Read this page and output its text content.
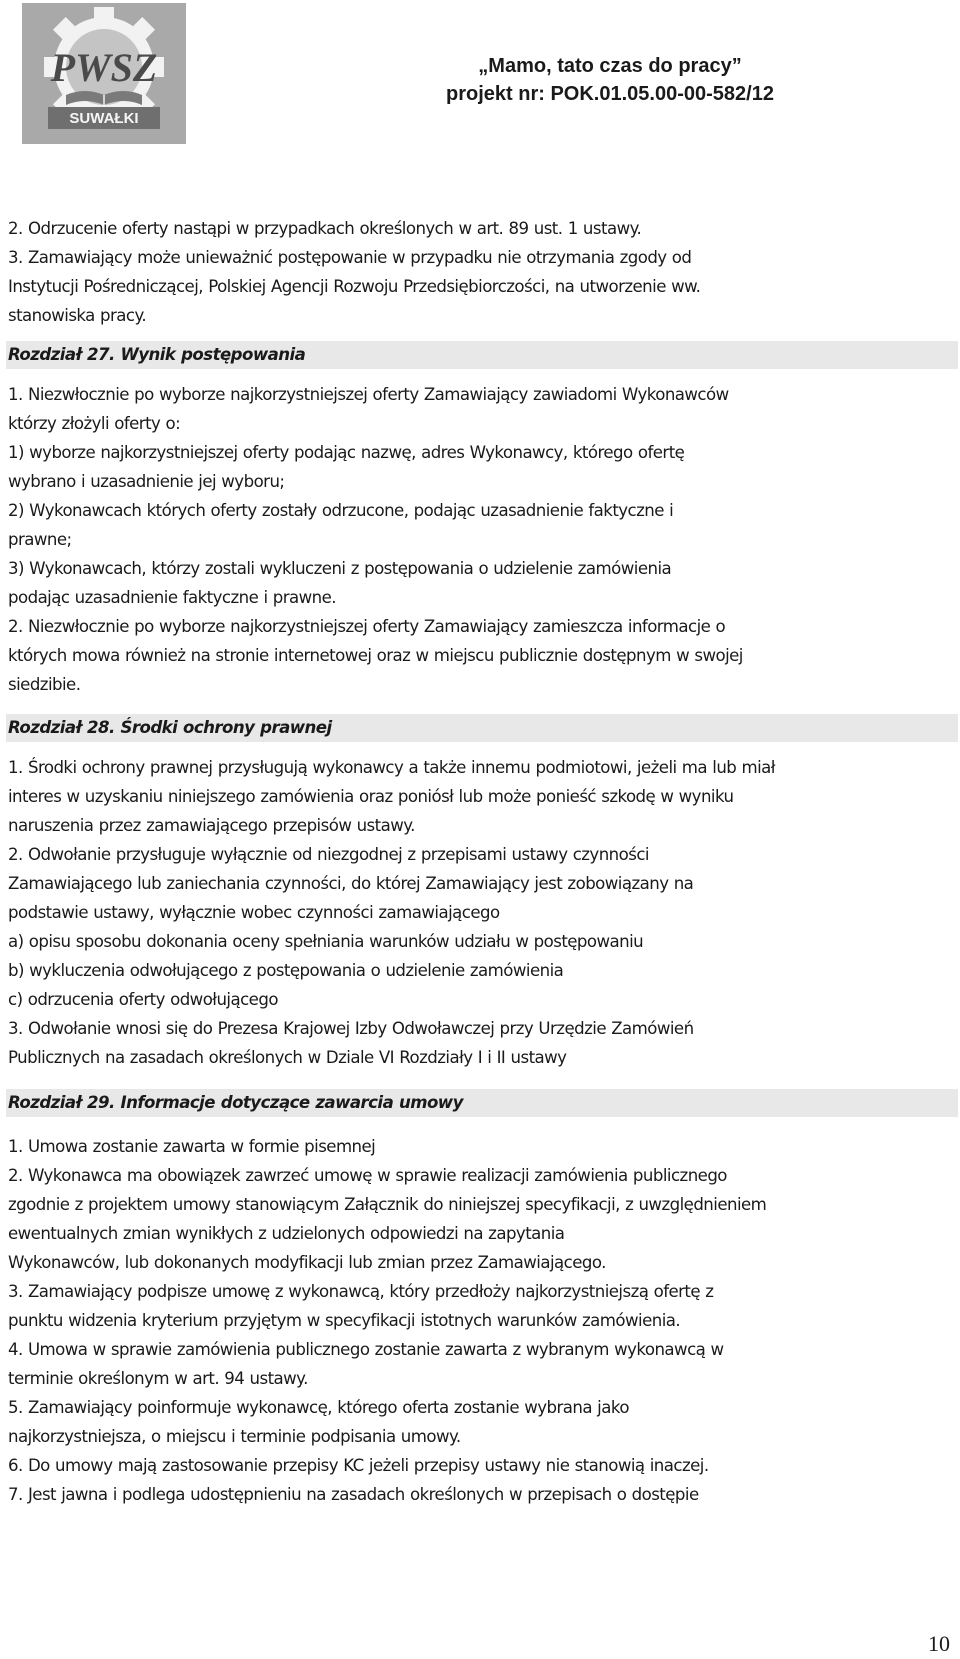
SUWAŁKI
PWSZ	„Mamo, tato czas do pracy”
projekt nr: POK.01.05.00-00-582/12

2. Odrzucenie oferty nastąpi w przypadkach określonych w art. 89 ust. 1 ustawy.

3. Zamawiający może unieważnić postępowanie w przypadku nie otrzymania zgody od

Instytucji Pośredniczącej, Polskiej Agencji Rozwoju Przedsiębiorczości, na utworzenie ww.

stanowiska pracy.

Rozdział 27. Wynik postępowania

1. Niezwłocznie po wyborze najkorzystniejszej oferty Zamawiający zawiadomi Wykonawców

którzy złożyli oferty o:

1) wyborze najkorzystniejszej oferty podając nazwę, adres Wykonawcy, którego ofertę

wybrano i uzasadnienie jej wyboru;

2) Wykonawcach których oferty zostały odrzucone, podając uzasadnienie faktyczne i

prawne;

3) Wykonawcach, którzy zostali wykluczeni z postępowania o udzielenie zamówienia

podając uzasadnienie faktyczne i prawne.

2. Niezwłocznie po wyborze najkorzystniejszej oferty Zamawiający zamieszcza informacje o

których mowa również na stronie internetowej oraz w miejscu publicznie dostępnym w swojej

siedzibie.

Rozdział 28. Środki ochrony prawnej

1. Środki ochrony prawnej przysługują wykonawcy a także innemu podmiotowi, jeżeli ma lub miał

interes w uzyskaniu niniejszego zamówienia oraz poniósł lub może ponieść szkodę w wyniku

naruszenia przez zamawiającego przepisów ustawy.

2. Odwołanie przysługuje wyłącznie od niezgodnej z przepisami ustawy czynności

Zamawiającego lub zaniechania czynności, do której Zamawiający jest zobowiązany na

podstawie ustawy, wyłącznie wobec czynności zamawiającego

a) opisu sposobu dokonania oceny spełniania warunków udziału w postępowaniu

b) wykluczenia odwołującego z postępowania o udzielenie zamówienia

c) odrzucenia oferty odwołującego

3. Odwołanie wnosi się do Prezesa Krajowej Izby Odwoławczej przy Urzędzie Zamówień

Publicznych na zasadach określonych w Dziale VI Rozdziały I i II ustawy

Rozdział 29. Informacje dotyczące zawarcia umowy

1. Umowa zostanie zawarta w formie pisemnej

2. Wykonawca ma obowiązek zawrzeć umowę w sprawie realizacji zamówienia publicznego

zgodnie z projektem umowy stanowiącym Załącznik do niniejszej specyfikacji, z uwzględnieniem

ewentualnych zmian wynikłych z udzielonych odpowiedzi na zapytania

Wykonawców, lub dokonanych modyfikacji lub zmian przez Zamawiającego.

3. Zamawiający podpisze umowę z wykonawcą, który przedłoży najkorzystniejszą ofertę z

punktu widzenia kryterium przyjętym w specyfikacji istotnych warunków zamówienia.

4. Umowa w sprawie zamówienia publicznego zostanie zawarta z wybranym wykonawcą w

terminie określonym w art. 94 ustawy.

5. Zamawiający poinformuje wykonawcę, którego oferta zostanie wybrana jako

najkorzystniejsza, o miejscu i terminie podpisania umowy.

6. Do umowy mają zastosowanie przepisy KC jeżeli przepisy ustawy nie stanowią inaczej.

7. Jest jawna i podlega udostępnieniu na zasadach określonych w przepisach o dostępie

10
